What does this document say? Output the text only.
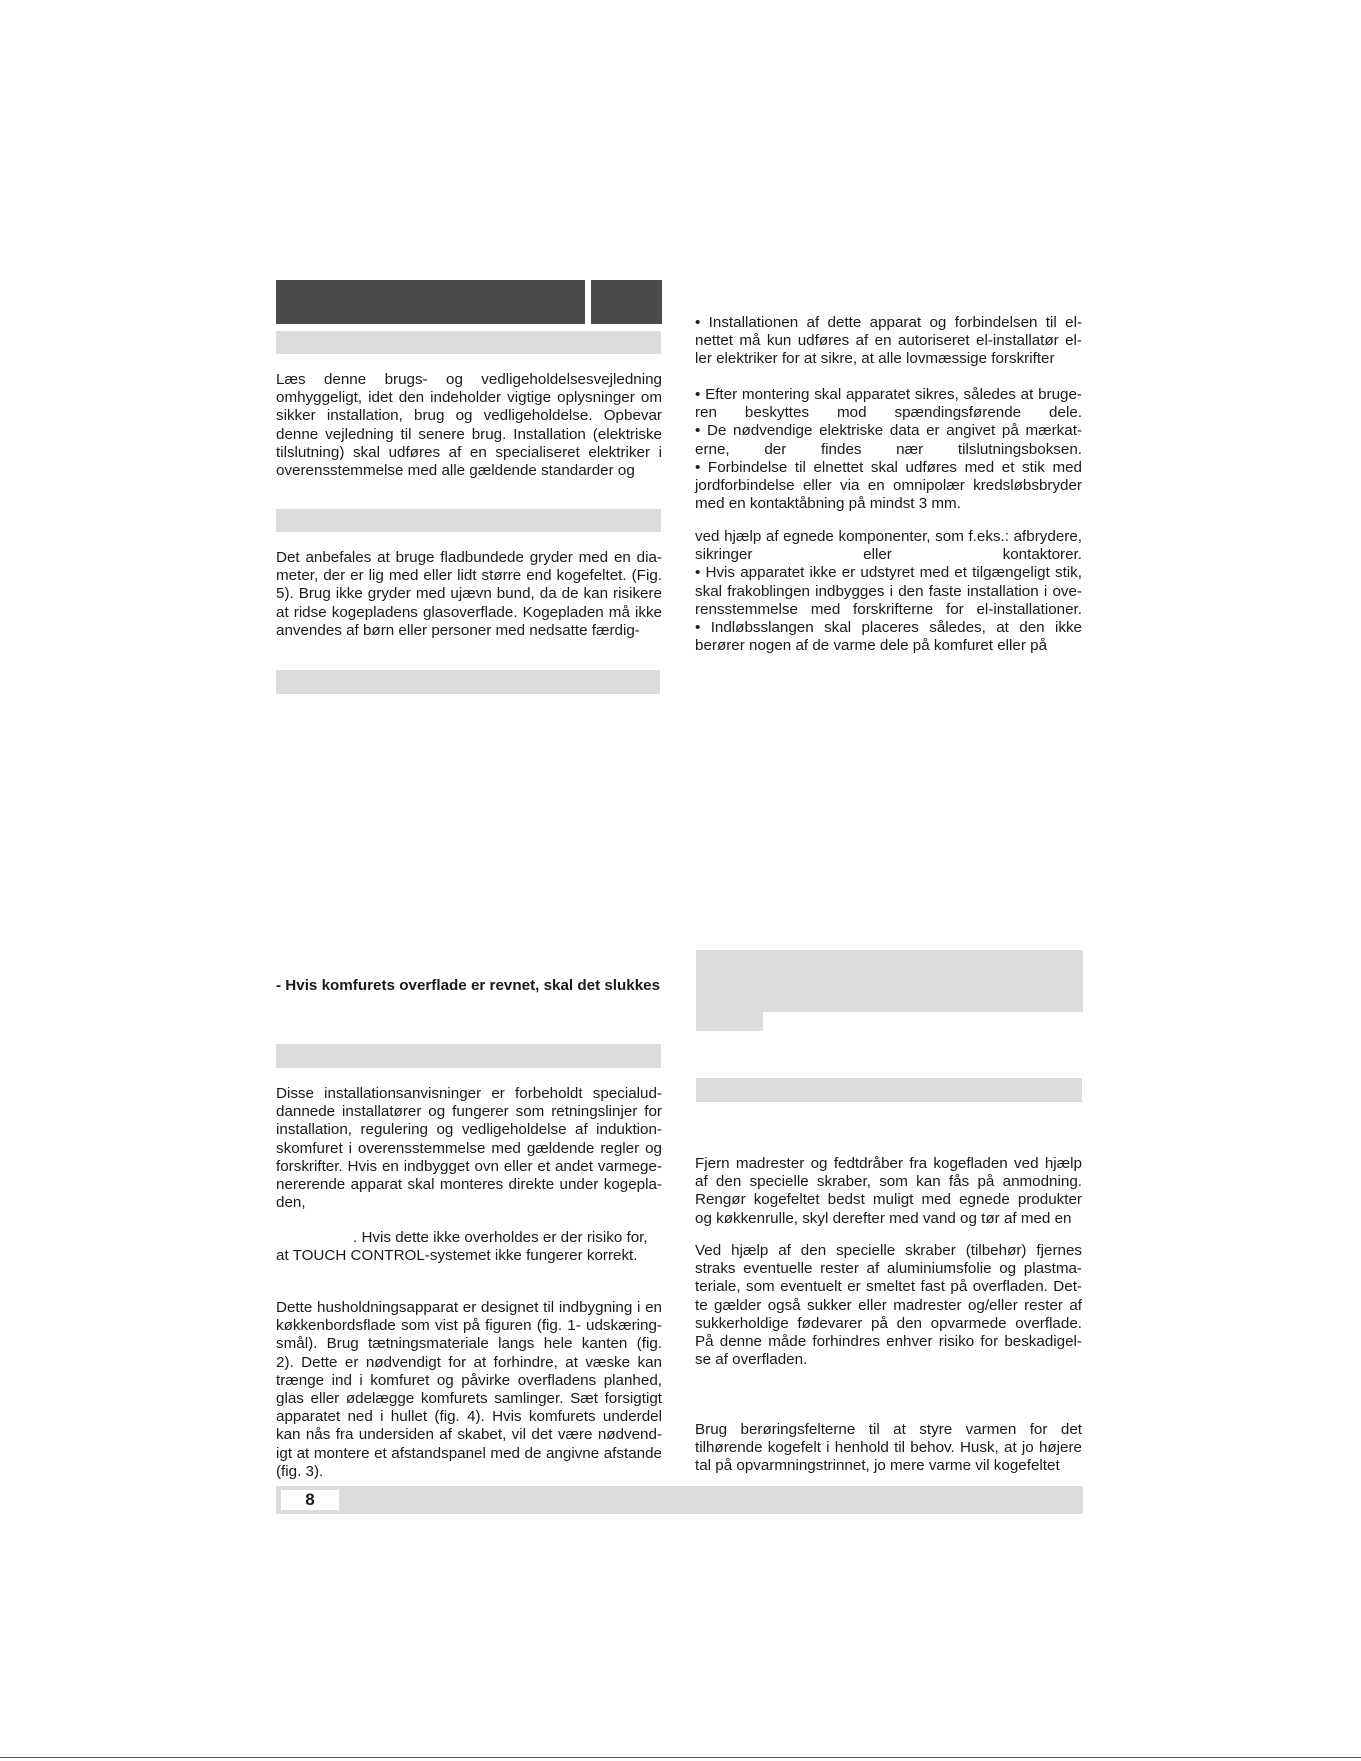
Læs denne brugs- og vedligeholdelsesvejledning
omhyggeligt, idet den indeholder vigtige oplysninger om
sikker installation, brug og vedligeholdelse. Opbevar
denne vejledning til senere brug. Installation (elektriske
tilslutning) skal udføres af en specialiseret elektriker i
overensstemmelse med alle gældende standarder og
Det anbefales at bruge fladbundede gryder med en dia-
meter, der er lig med eller lidt større end kogefeltet. (Fig.
5). Brug ikke gryder med ujævn bund, da de kan risikere
at ridse kogepladens glasoverflade. Kogepladen må ikke
anvendes af børn eller personer med nedsatte færdig-
- Hvis komfurets overflade er revnet, skal det slukkes
Disse installationsanvisninger er forbeholdt specialud-
dannede installatører og fungerer som retningslinjer for
installation, regulering og vedligeholdelse af induktion-
skomfuret i overensstemmelse med gældende regler og
forskrifter. Hvis en indbygget ovn eller et andet varmege-
nererende apparat skal monteres direkte under kogepla-
den,
. Hvis dette ikke overholdes er der risiko for,
at TOUCH CONTROL-systemet ikke fungerer korrekt.
Dette husholdningsapparat er designet til indbygning i en
køkkenbordsflade som vist på figuren (fig. 1- udskæring-
smål). Brug tætningsmateriale langs hele kanten (fig.
2). Dette er nødvendigt for at forhindre, at væske kan
trænge ind i komfuret og påvirke overfladens planhed,
glas eller ødelægge komfurets samlinger. Sæt forsigtigt
apparatet ned i hullet (fig. 4). Hvis komfurets underdel
kan nås fra undersiden af skabet, vil det være nødvend-
igt at montere et afstandspanel med de angivne afstande
(fig. 3).
• Installationen af dette apparat og forbindelsen til el-
nettet må kun udføres af en autoriseret el-installatør el-
ler elektriker for at sikre, at alle lovmæssige forskrifter
• Efter montering skal apparatet sikres, således at bruge-
ren beskyttes mod spændingsførende dele.
• De nødvendige elektriske data er angivet på mærkat-
erne, der findes nær tilslutningsboksen.
• Forbindelse til elnettet skal udføres med et stik med
jordforbindelse eller via en omnipolær kredsløbsbryder
med en kontaktåbning på mindst 3 mm.
ved hjælp af egnede komponenter, som f.eks.: afbrydere,
sikringer eller kontaktorer.
• Hvis apparatet ikke er udstyret med et tilgængeligt stik,
skal frakoblingen indbygges i den faste installation i ove-
rensstemmelse med forskrifterne for el-installationer.
• Indløbsslangen skal placeres således, at den ikke
berører nogen af de varme dele på komfuret eller på
Fjern madrester og fedtdråber fra kogefladen ved hjælp
af den specielle skraber, som kan fås på anmodning.
Rengør kogefeltet bedst muligt med egnede produkter
og køkkenrulle, skyl derefter med vand og tør af med en
Ved hjælp af den specielle skraber (tilbehør) fjernes
straks eventuelle rester af aluminiumsfolie og plastma-
teriale, som eventuelt er smeltet fast på overfladen. Det-
te gælder også sukker eller madrester og/eller rester af
sukkerholdige fødevarer på den opvarmede overflade.
På denne måde forhindres enhver risiko for beskadigel-
se af overfladen.
Brug berøringsfelterne til at styre varmen for det
tilhørende kogefelt i henhold til behov. Husk, at jo højere
tal på opvarmningstrinnet, jo mere varme vil kogefeltet
8
